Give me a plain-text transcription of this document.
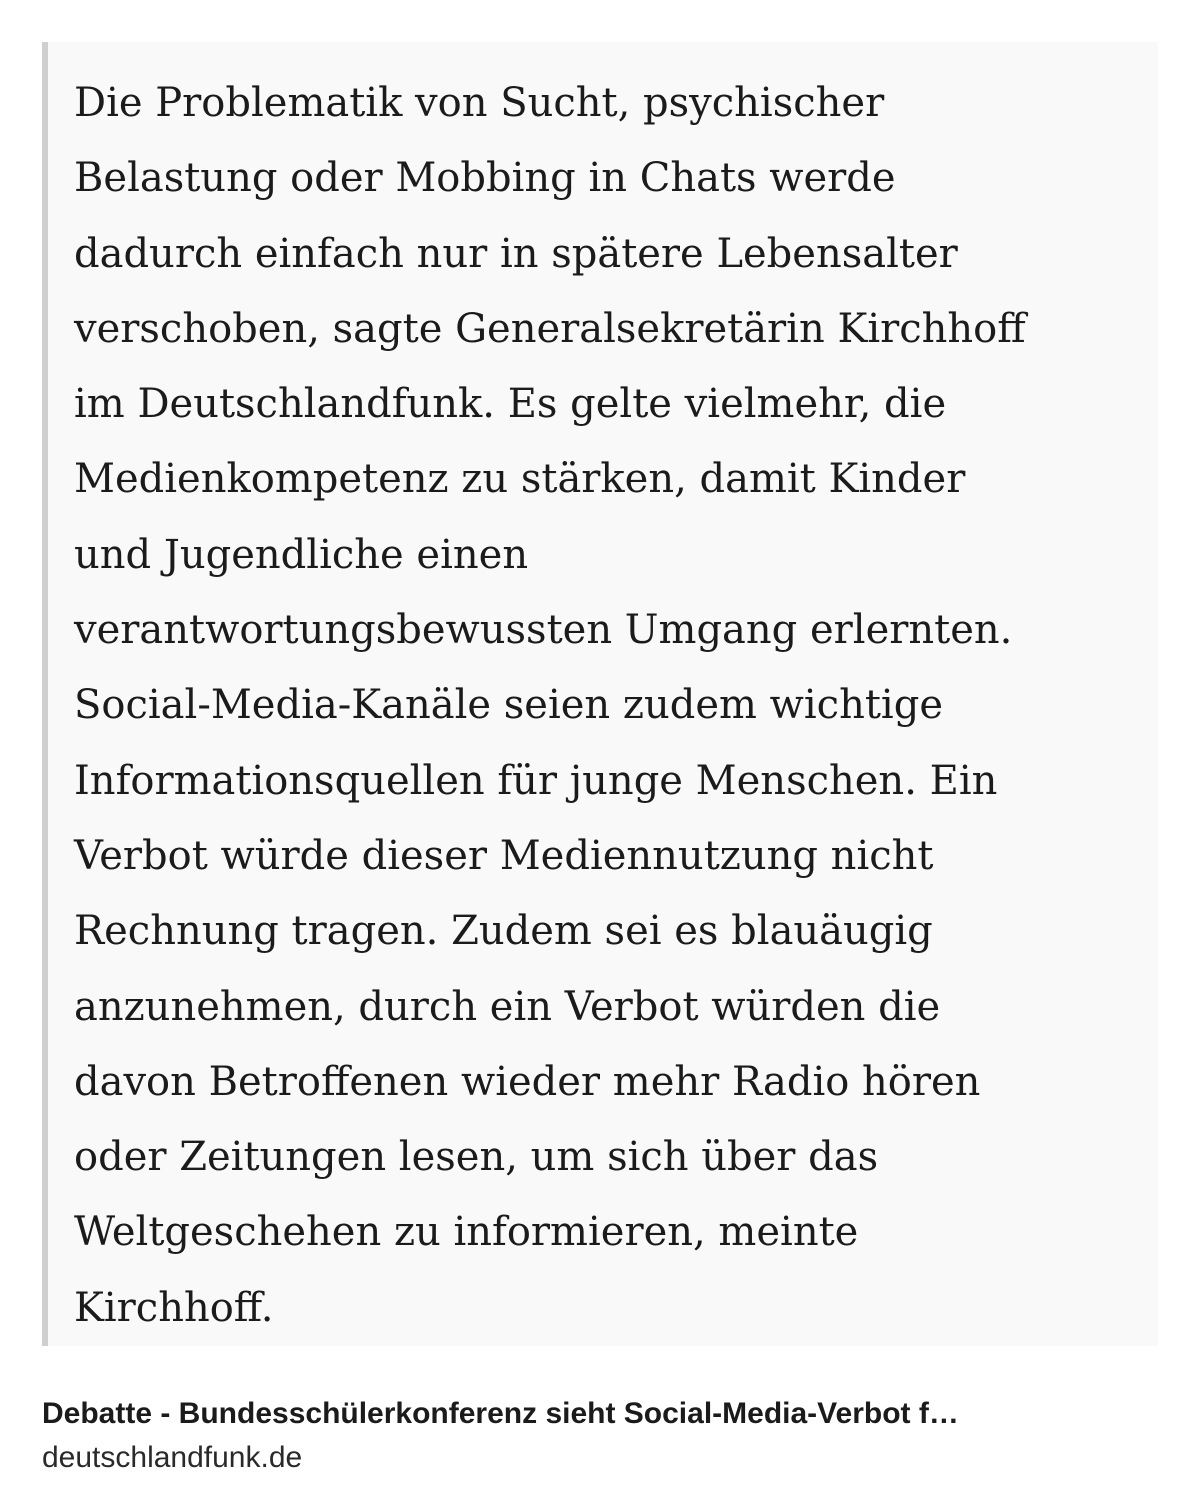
Die Problematik von Sucht, psychischer
Belastung oder Mobbing in Chats werde
dadurch einfach nur in spätere Lebensalter
verschoben, sagte Generalsekretärin Kirchhoff
im Deutschlandfunk. Es gelte vielmehr, die
Medienkompetenz zu stärken, damit Kinder
und Jugendliche einen
verantwortungsbewussten Umgang erlernten.
Social-Media-Kanäle seien zudem wichtige
Informationsquellen für junge Menschen. Ein
Verbot würde dieser Mediennutzung nicht
Rechnung tragen. Zudem sei es blauäugig
anzunehmen, durch ein Verbot würden die
davon Betroffenen wieder mehr Radio hören
oder Zeitungen lesen, um sich über das
Weltgeschehen zu informieren, meinte
Kirchhoff.

Debatte - Bundesschülerkonferenz sieht Social-Media-Verbot f…
deutschlandfunk.de
